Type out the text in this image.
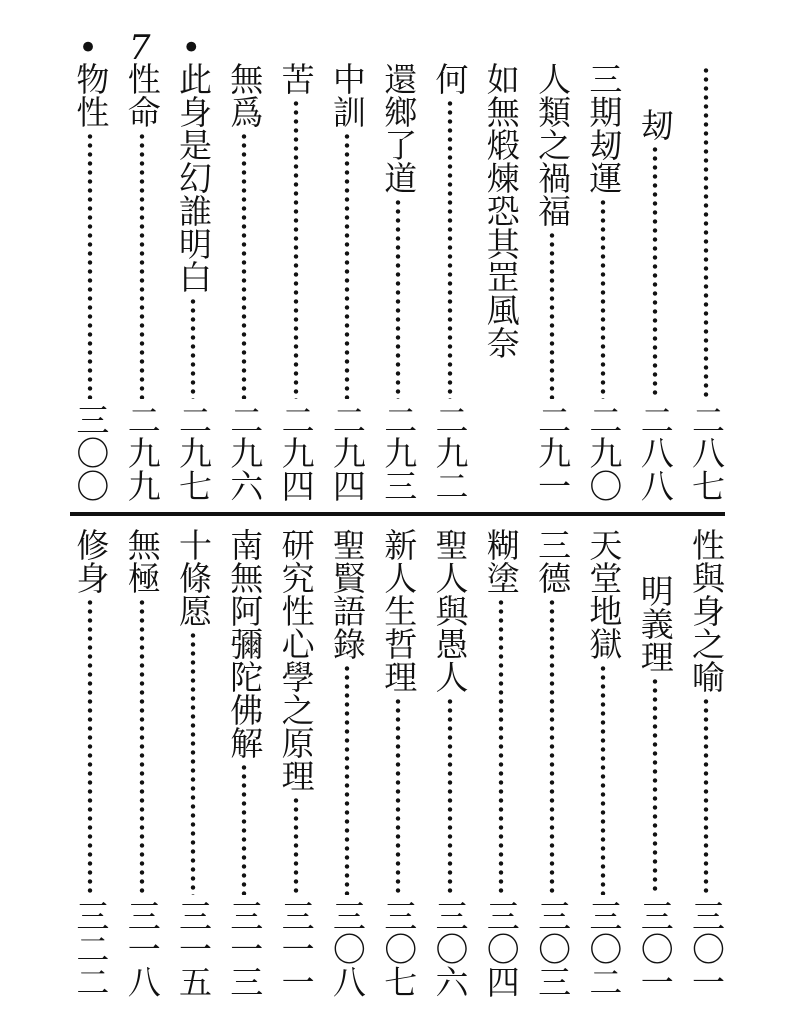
• 7 •
二八七
刼
二八八
三期刼運
二九〇
人類之禍福
二九一
如無煅煉恐其罡風奈
何
二九二
還鄉了道
二九三
中訓
二九四
苦
二九四
無爲
二九六
此身是幻誰明白
二九七
性命
二九九
物性
三〇〇
性與身之喻
三〇一
明義理
三〇一
天堂地獄
三〇二
三德
三〇三
糊塗
三〇四
聖人與愚人
三〇六
新人生哲理
三〇七
聖賢語錄
三〇八
研究性心學之原理
三一一
南無阿彌陀佛解
三一三
十條愿
三一五
無極
三一八
修身
三二二
